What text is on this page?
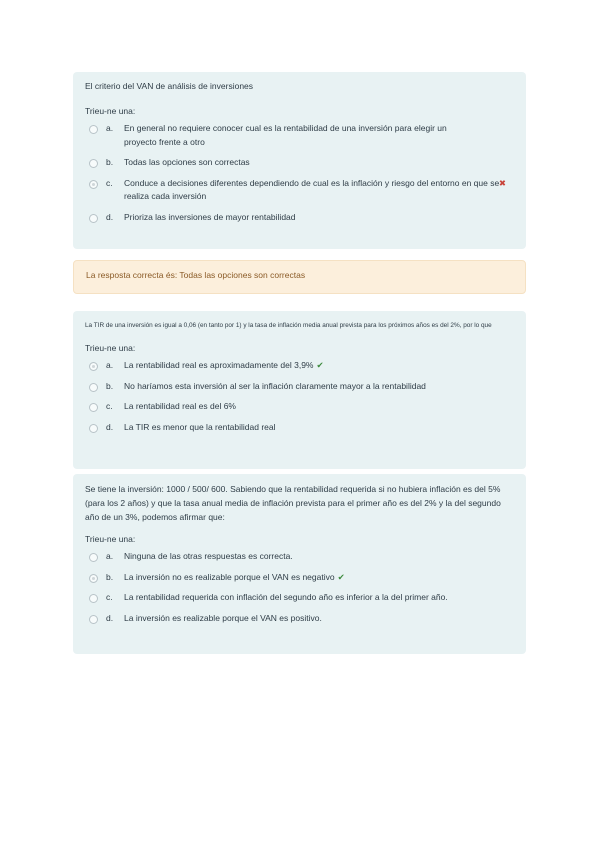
El criterio del VAN de análisis de inversiones
Trieu-ne una:
a.	En general no requiere conocer cual es la rentabilidad de una inversión para elegir un proyecto frente a otro
b.	Todas las opciones son correctas
c.	Conduce a decisiones diferentes dependiendo de cual es la inflación y riesgo del entorno en que se realiza cada inversión
✖
d.	Prioriza las inversiones de mayor rentabilidad
La resposta correcta és: Todas las opciones son correctas
La TIR de una inversión es igual a 0,06 (en tanto por 1) y la tasa de inflación media anual prevista para los próximos años es del 2%, por lo que
Trieu-ne una:
a.	La rentabilidad real es aproximadamente del 3,9% ✔
b.	No haríamos esta inversión al ser la inflación claramente mayor a la rentabilidad
c.	La rentabilidad real es del 6%
d.	La TIR es menor que la rentabilidad real
Se tiene la inversión: 1000 / 500/ 600. Sabiendo que la rentabilidad requerida si no hubiera inflación es del 5% (para los 2 años) y que la tasa anual media de inflación prevista para el primer año es del 2% y la del segundo año de un 3%, podemos afirmar que:
Trieu-ne una:
a.	Ninguna de las otras respuestas es correcta.
b.	La inversión no es realizable porque el VAN es negativo ✔
c.	La rentabilidad requerida con inflación del segundo año es inferior a la del primer año.
d.	La inversión es realizable porque el VAN es positivo.
